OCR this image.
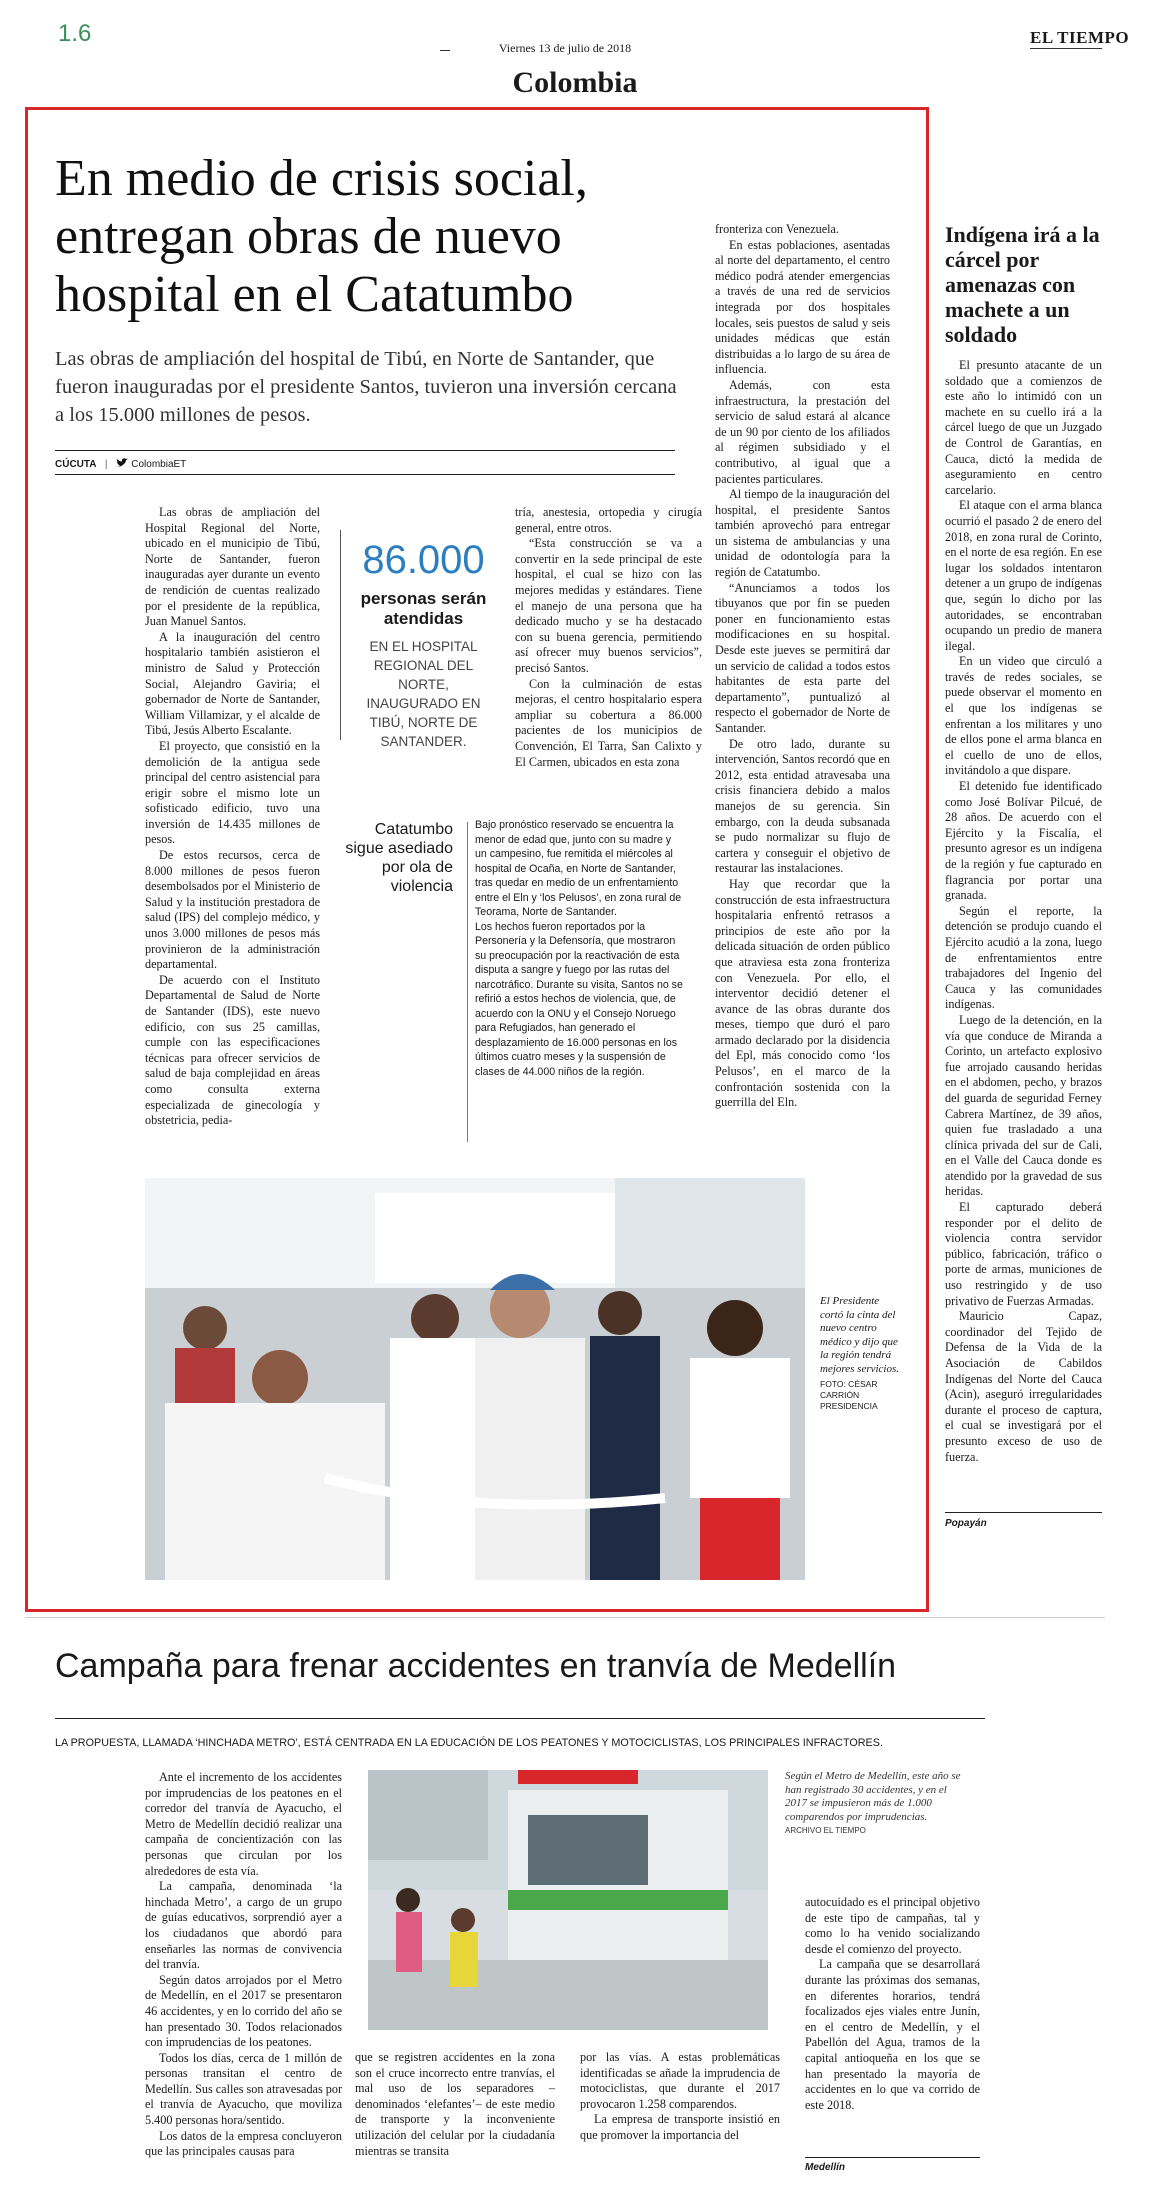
1.6
Viernes 13 de julio de 2018
EL TIEMPO
Colombia
En medio de crisis social, entregan obras de nuevo hospital en el Catatumbo
Las obras de ampliación del hospital de Tibú, en Norte de Santander, que fueron inauguradas por el presidente Santos, tuvieron una inversión cercana a los 15.000 millones de pesos.
CÚCUTA | ColombiaET

Las obras de ampliación del Hospital Regional del Norte, ubicado en el municipio de Tibú, Norte de Santander, fueron inauguradas ayer durante un evento de rendición de cuentas realizado por el presidente de la república, Juan Manuel Santos.

A la inauguración del centro hospitalario también asistieron el ministro de Salud y Protección Social, Alejandro Gaviria; el gobernador de Norte de Santander, William Villamizar, y el alcalde de Tibú, Jesús Alberto Escalante.

El proyecto, que consistió en la demolición de la antigua sede principal del centro asistencial para erigir sobre el mismo lote un sofisticado edificio, tuvo una inversión de 14.435 millones de pesos.

De estos recursos, cerca de 8.000 millones de pesos fueron desembolsados por el Ministerio de Salud y la institución prestadora de salud (IPS) del complejo médico, y unos 3.000 millones de pesos más provinieron de la administración departamental.

De acuerdo con el Instituto Departamental de Salud de Norte de Santander (IDS), este nuevo edificio, con sus 25 camillas, cumple con las especificaciones técnicas para ofrecer servicios de salud de baja complejidad en áreas como consulta externa especializada de ginecología y obstetricia, pedia-

86.000
personas serán atendidas
EN EL HOSPITAL REGIONAL DEL NORTE, INAUGURADO EN TIBÚ, NORTE DE SANTANDER.

tría, anestesia, ortopedia y cirugía general, entre otros.

“Esta construcción se va a convertir en la sede principal de este hospital, el cual se hizo con las mejores medidas y estándares. Tiene el manejo de una persona que ha dedicado mucho y se ha destacado con su buena gerencia, permitiendo así ofrecer muy buenos servicios”, precisó Santos.

Con la culminación de estas mejoras, el centro hospitalario espera ampliar su cobertura a 86.000 pacientes de los municipios de Convención, El Tarra, San Calixto y El Carmen, ubicados en esta zona

Catatumbo sigue asediado por ola de violencia
Bajo pronóstico reservado se encuentra la menor de edad que, junto con su madre y un campesino, fue remitida el miércoles al hospital de Ocaña, en Norte de Santander, tras quedar en medio de un enfrentamiento entre el Eln y ‘los Pelusos’, en zona rural de Teorama, Norte de Santander.
Los hechos fueron reportados por la Personería y la Defensoría, que mostraron su preocupación por la reactivación de esta disputa a sangre y fuego por las rutas del narcotráfico. Durante su visita, Santos no se refirió a estos hechos de violencia, que, de acuerdo con la ONU y el Consejo Noruego para Refugiados, han generado el desplazamiento de 16.000 personas en los últimos cuatro meses y la suspensión de clases de 44.000 niños de la región.

fronteriza con Venezuela.

En estas poblaciones, asentadas al norte del departamento, el centro médico podrá atender emergencias a través de una red de servicios integrada por dos hospitales locales, seis puestos de salud y seis unidades médicas que están distribuidas a lo largo de su área de influencia.

Además, con esta infraestructura, la prestación del servicio de salud estará al alcance de un 90 por ciento de los afiliados al régimen subsidiado y el contributivo, al igual que a pacientes particulares.

Al tiempo de la inauguración del hospital, el presidente Santos también aprovechó para entregar un sistema de ambulancias y una unidad de odontología para la región de Catatumbo.

“Anunciamos a todos los tibuyanos que por fin se pueden poner en funcionamiento estas modificaciones en su hospital. Desde este jueves se permitirá dar un servicio de calidad a todos estos habitantes de esta parte del departamento”, puntualizó al respecto el gobernador de Norte de Santander.

De otro lado, durante su intervención, Santos recordó que en 2012, esta entidad atravesaba una crisis financiera debido a malos manejos de su gerencia. Sin embargo, con la deuda subsanada se pudo normalizar su flujo de cartera y conseguir el objetivo de restaurar las instalaciones.

Hay que recordar que la construcción de esta infraestructura hospitalaria enfrentó retrasos a principios de este año por la delicada situación de orden público que atraviesa esta zona fronteriza con Venezuela. Por ello, el interventor decidió detener el avance de las obras durante dos meses, tiempo que duró el paro armado declarado por la disidencia del Epl, más conocido como ‘los Pelusos’, en el marco de la confrontación sostenida con la guerrilla del Eln.

El Presidente cortó la cinta del nuevo centro médico y dijo que la región tendrá mejores servicios.
FOTO: CÉSAR CARRIÓN PRESIDENCIA
Indígena irá a la cárcel por amenazas con machete a un soldado

El presunto atacante de un soldado que a comienzos de este año lo intimidó con un machete en su cuello irá a la cárcel luego de que un Juzgado de Control de Garantías, en Cauca, dictó la medida de aseguramiento en centro carcelario.

El ataque con el arma blanca ocurrió el pasado 2 de enero del 2018, en zona rural de Corinto, en el norte de esa región. En ese lugar los soldados intentaron detener a un grupo de indígenas que, según lo dicho por las autoridades, se encontraban ocupando un predio de manera ilegal.

En un video que circuló a través de redes sociales, se puede observar el momento en el que los indígenas se enfrentan a los militares y uno de ellos pone el arma blanca en el cuello de uno de ellos, invitándolo a que dispare.

El detenido fue identificado como José Bolívar Pilcué, de 28 años. De acuerdo con el Ejército y la Fiscalía, el presunto agresor es un indígena de la región y fue capturado en flagrancia por portar una granada.

Según el reporte, la detención se produjo cuando el Ejército acudió a la zona, luego de enfrentamientos entre trabajadores del Ingenio del Cauca y las comunidades indígenas.

Luego de la detención, en la vía que conduce de Miranda a Corinto, un artefacto explosivo fue arrojado causando heridas en el abdomen, pecho, y brazos del guarda de seguridad Ferney Cabrera Martínez, de 39 años, quien fue trasladado a una clínica privada del sur de Cali, en el Valle del Cauca donde es atendido por la gravedad de sus heridas.

El capturado deberá responder por el delito de violencia contra servidor público, fabricación, tráfico o porte de armas, municiones de uso restringido y de uso privativo de Fuerzas Armadas.

Mauricio Capaz, coordinador del Tejido de Defensa de la Vida de la Asociación de Cabildos Indígenas del Norte del Cauca (Acin), aseguró irregularidades durante el proceso de captura, el cual se investigará por el presunto exceso de uso de fuerza.

Popayán
Campaña para frenar accidentes en tranvía de Medellín
LA PROPUESTA, LLAMADA ‘HINCHADA METRO’, ESTÁ CENTRADA EN LA EDUCACIÓN DE LOS PEATONES Y MOTOCICLISTAS, LOS PRINCIPALES INFRACTORES.

Ante el incremento de los accidentes por imprudencias de los peatones en el corredor del tranvía de Ayacucho, el Metro de Medellín decidió realizar una campaña de concientización con las personas que circulan por los alrededores de esta vía.

La campaña, denominada ‘la hinchada Metro’, a cargo de un grupo de guías educativos, sorprendió ayer a los ciudadanos que abordó para enseñarles las normas de convivencia del tranvía.

Según datos arrojados por el Metro de Medellín, en el 2017 se presentaron 46 accidentes, y en lo corrido del año se han presentado 30. Todos relacionados con imprudencias de los peatones.

Todos los días, cerca de 1 millón de personas transitan el centro de Medellín. Sus calles son atravesadas por el tranvía de Ayacucho, que moviliza 5.400 personas hora/sentido.

Los datos de la empresa concluyeron que las principales causas para

Según el Metro de Medellín, este año se han registrado 30 accidentes, y en el 2017 se impusieron más de 1.000 comparendos por imprudencias. ARCHIVO EL TIEMPO

que se registren accidentes en la zona son el cruce incorrecto entre tranvías, el mal uso de los separadores –denominados ‘elefantes’– de este medio de transporte y la inconveniente utilización del celular por la ciudadanía mientras se transita

por las vías. A estas problemáticas identificadas se añade la imprudencia de motociclistas, que durante el 2017 provocaron 1.258 comparendos.

La empresa de transporte insistió en que promover la importancia del

autocuidado es el principal objetivo de este tipo de campañas, tal y como lo ha venido socializando desde el comienzo del proyecto.

La campaña que se desarrollará durante las próximas dos semanas, en diferentes horarios, tendrá focalizados ejes viales entre Junín, en el centro de Medellín, y el Pabellón del Agua, tramos de la capital antioqueña en los que se han presentado la mayoría de accidentes en lo que va corrido de este 2018.

Medellín
